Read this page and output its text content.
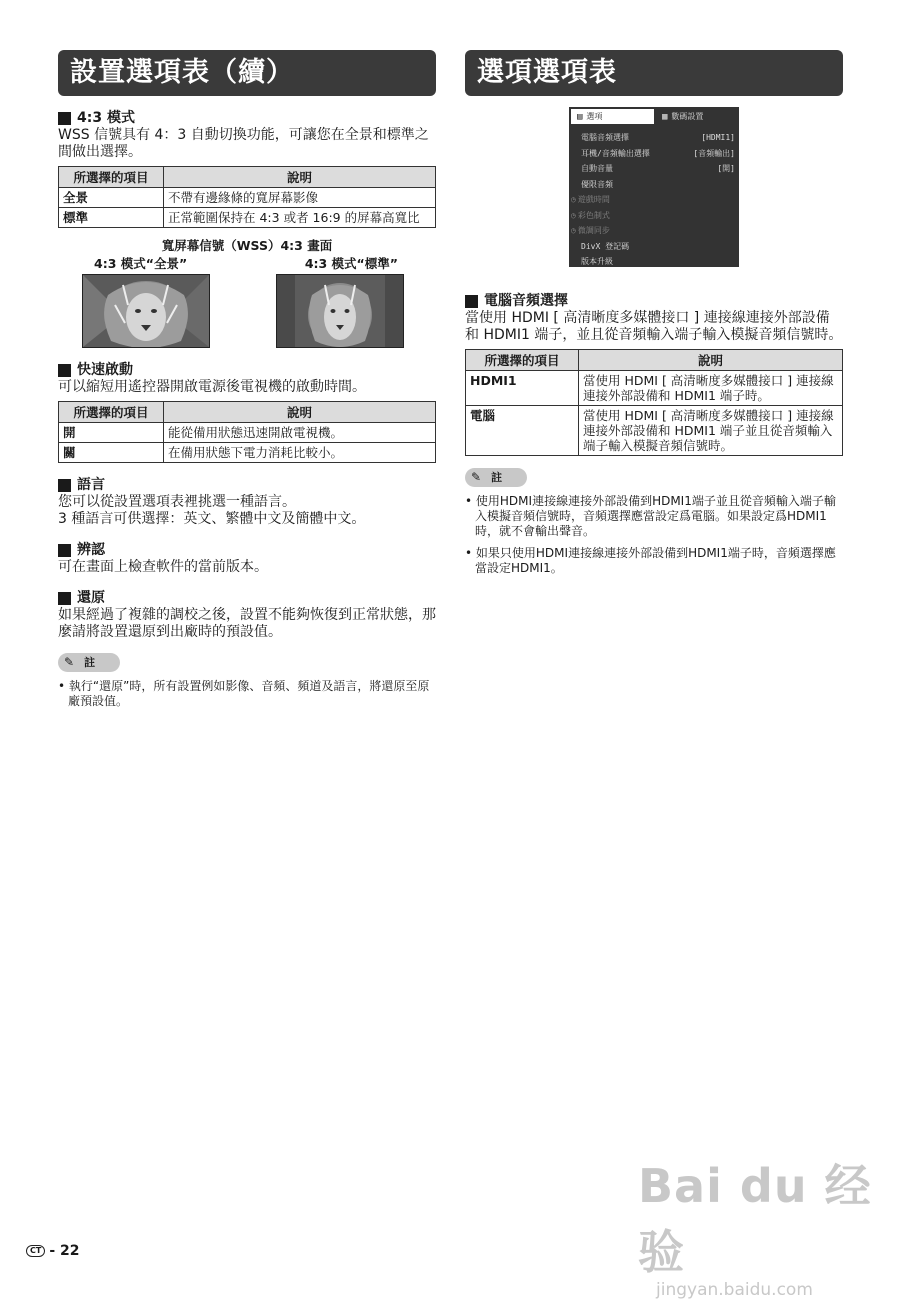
設置選項表（續）
4:3 模式
WSS 信號具有 4：3 自動切換功能，可讓您在全景和標準之間做出選擇。
所選擇的項目	說明
全景	不帶有邊緣條的寬屏幕影像
標準	正常範圍保持在 4:3 或者 16:9 的屏幕高寬比
寬屏幕信號（WSS）4:3 畫面
4:3 模式“全景”	4:3 模式“標準”
快速啟動
可以縮短用遙控器開啟電源後電視機的啟動時間。
所選擇的項目	說明
開	能從備用狀態迅速開啟電視機。
關	在備用狀態下電力消耗比較小。
語言
您可以從設置選項表裡挑選一種語言。
3 種語言可供選擇：英文、繁體中文及簡體中文。
辨認
可在畫面上檢查軟件的當前版本。
還原
如果經過了複雜的調校之後，設置不能夠恢復到正常狀態，那麼請將設置還原到出廠時的預設值。
✎ 註
• 執行“還原”時，所有設置例如影像、音頻、頻道及語言，將還原至原廠預設值。
選項選項表
▤ 選項	▦ 數碼設置
電腦音頻選擇	[HDMI1]
耳機/音頻輸出選擇	[音頻輸出]
自動音量	[開]
優限音頻
◷ 遊戲時間
◷ 彩色制式
◷ 微調同步
DivX 登記碼
版本升級
電腦音頻選擇
當使用 HDMI [ 高清晰度多媒體接口 ] 連接線連接外部設備和 HDMI1 端子，並且從音頻輸入端子輸入模擬音頻信號時。
所選擇的項目	說明
HDMI1	當使用 HDMI [ 高清晰度多媒體接口 ] 連接線連接外部設備和 HDMI1 端子時。
電腦	當使用 HDMI [ 高清晰度多媒體接口 ] 連接線連接外部設備和 HDMI1 端子並且從音頻輸入端子輸入模擬音頻信號時。
✎ 註
• 使用HDMI連接線連接外部設備到HDMI1端子並且從音頻輸入端子輸入模擬音頻信號時，音頻選擇應當設定爲電腦。如果設定爲HDMI1時，就不會輸出聲音。
• 如果只使用HDMI連接線連接外部設備到HDMI1端子時，音頻選擇應當設定HDMI1。
CT - 22
Bai du 经验
jingyan.baidu.com
